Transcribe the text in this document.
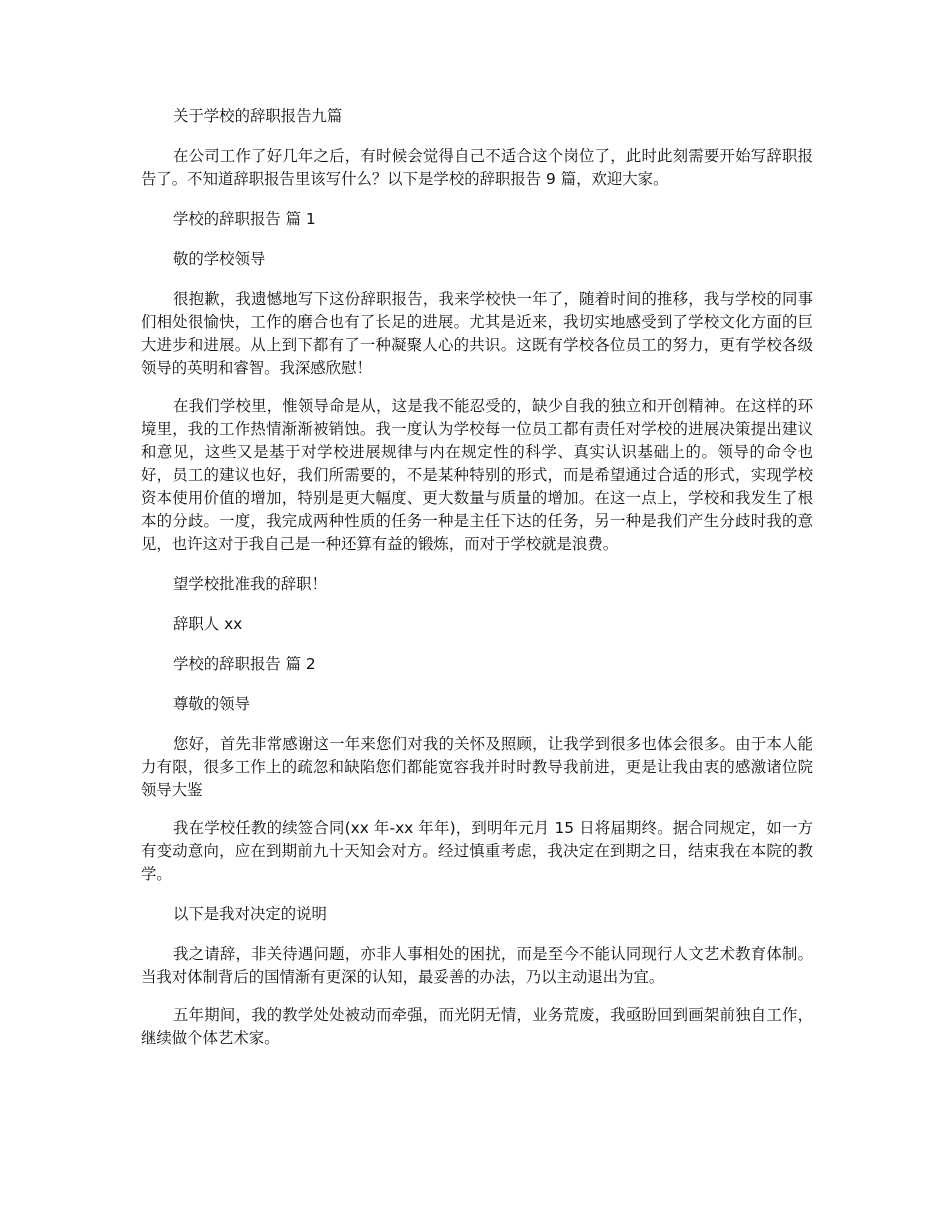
关于学校的辞职报告九篇

在公司工作了好几年之后，有时候会觉得自己不适合这个岗位了，此时此刻需要开始写辞职报告了。不知道辞职报告里该写什么？以下是学校的辞职报告 9 篇，欢迎大家。

学校的辞职报告 篇 1

敬的学校领导

很抱歉，我遗憾地写下这份辞职报告，我来学校快一年了，随着时间的推移，我与学校的同事们相处很愉快，工作的磨合也有了长足的进展。尤其是近来，我切实地感受到了学校文化方面的巨大进步和进展。从上到下都有了一种凝聚人心的共识。这既有学校各位员工的努力，更有学校各级领导的英明和睿智。我深感欣慰！

在我们学校里，惟领导命是从，这是我不能忍受的，缺少自我的独立和开创精神。在这样的环境里，我的工作热情渐渐被销蚀。我一度认为学校每一位员工都有责任对学校的进展决策提出建议和意见，这些又是基于对学校进展规律与内在规定性的科学、真实认识基础上的。领导的命令也好，员工的建议也好，我们所需要的，不是某种特别的形式，而是希望通过合适的形式，实现学校资本使用价值的增加，特别是更大幅度、更大数量与质量的增加。在这一点上，学校和我发生了根本的分歧。一度，我完成两种性质的任务一种是主任下达的任务，另一种是我们产生分歧时我的意见，也许这对于我自己是一种还算有益的锻炼，而对于学校就是浪费。

望学校批准我的辞职！

辞职人 xx

学校的辞职报告 篇 2

尊敬的领导

您好，首先非常感谢这一年来您们对我的关怀及照顾，让我学到很多也体会很多。由于本人能力有限，很多工作上的疏忽和缺陷您们都能宽容我并时时教导我前进，更是让我由衷的感激诸位院领导大鉴

我在学校任教的续签合同(xx 年-xx 年年)，到明年元月 15 日将届期终。据合同规定，如一方有变动意向，应在到期前九十天知会对方。经过慎重考虑，我决定在到期之日，结束我在本院的教学。

以下是我对决定的说明

我之请辞，非关待遇问题，亦非人事相处的困扰，而是至今不能认同现行人文艺术教育体制。当我对体制背后的国情渐有更深的认知，最妥善的办法，乃以主动退出为宜。

五年期间，我的教学处处被动而牵强，而光阴无情，业务荒废，我亟盼回到画架前独自工作，继续做个体艺术家。
